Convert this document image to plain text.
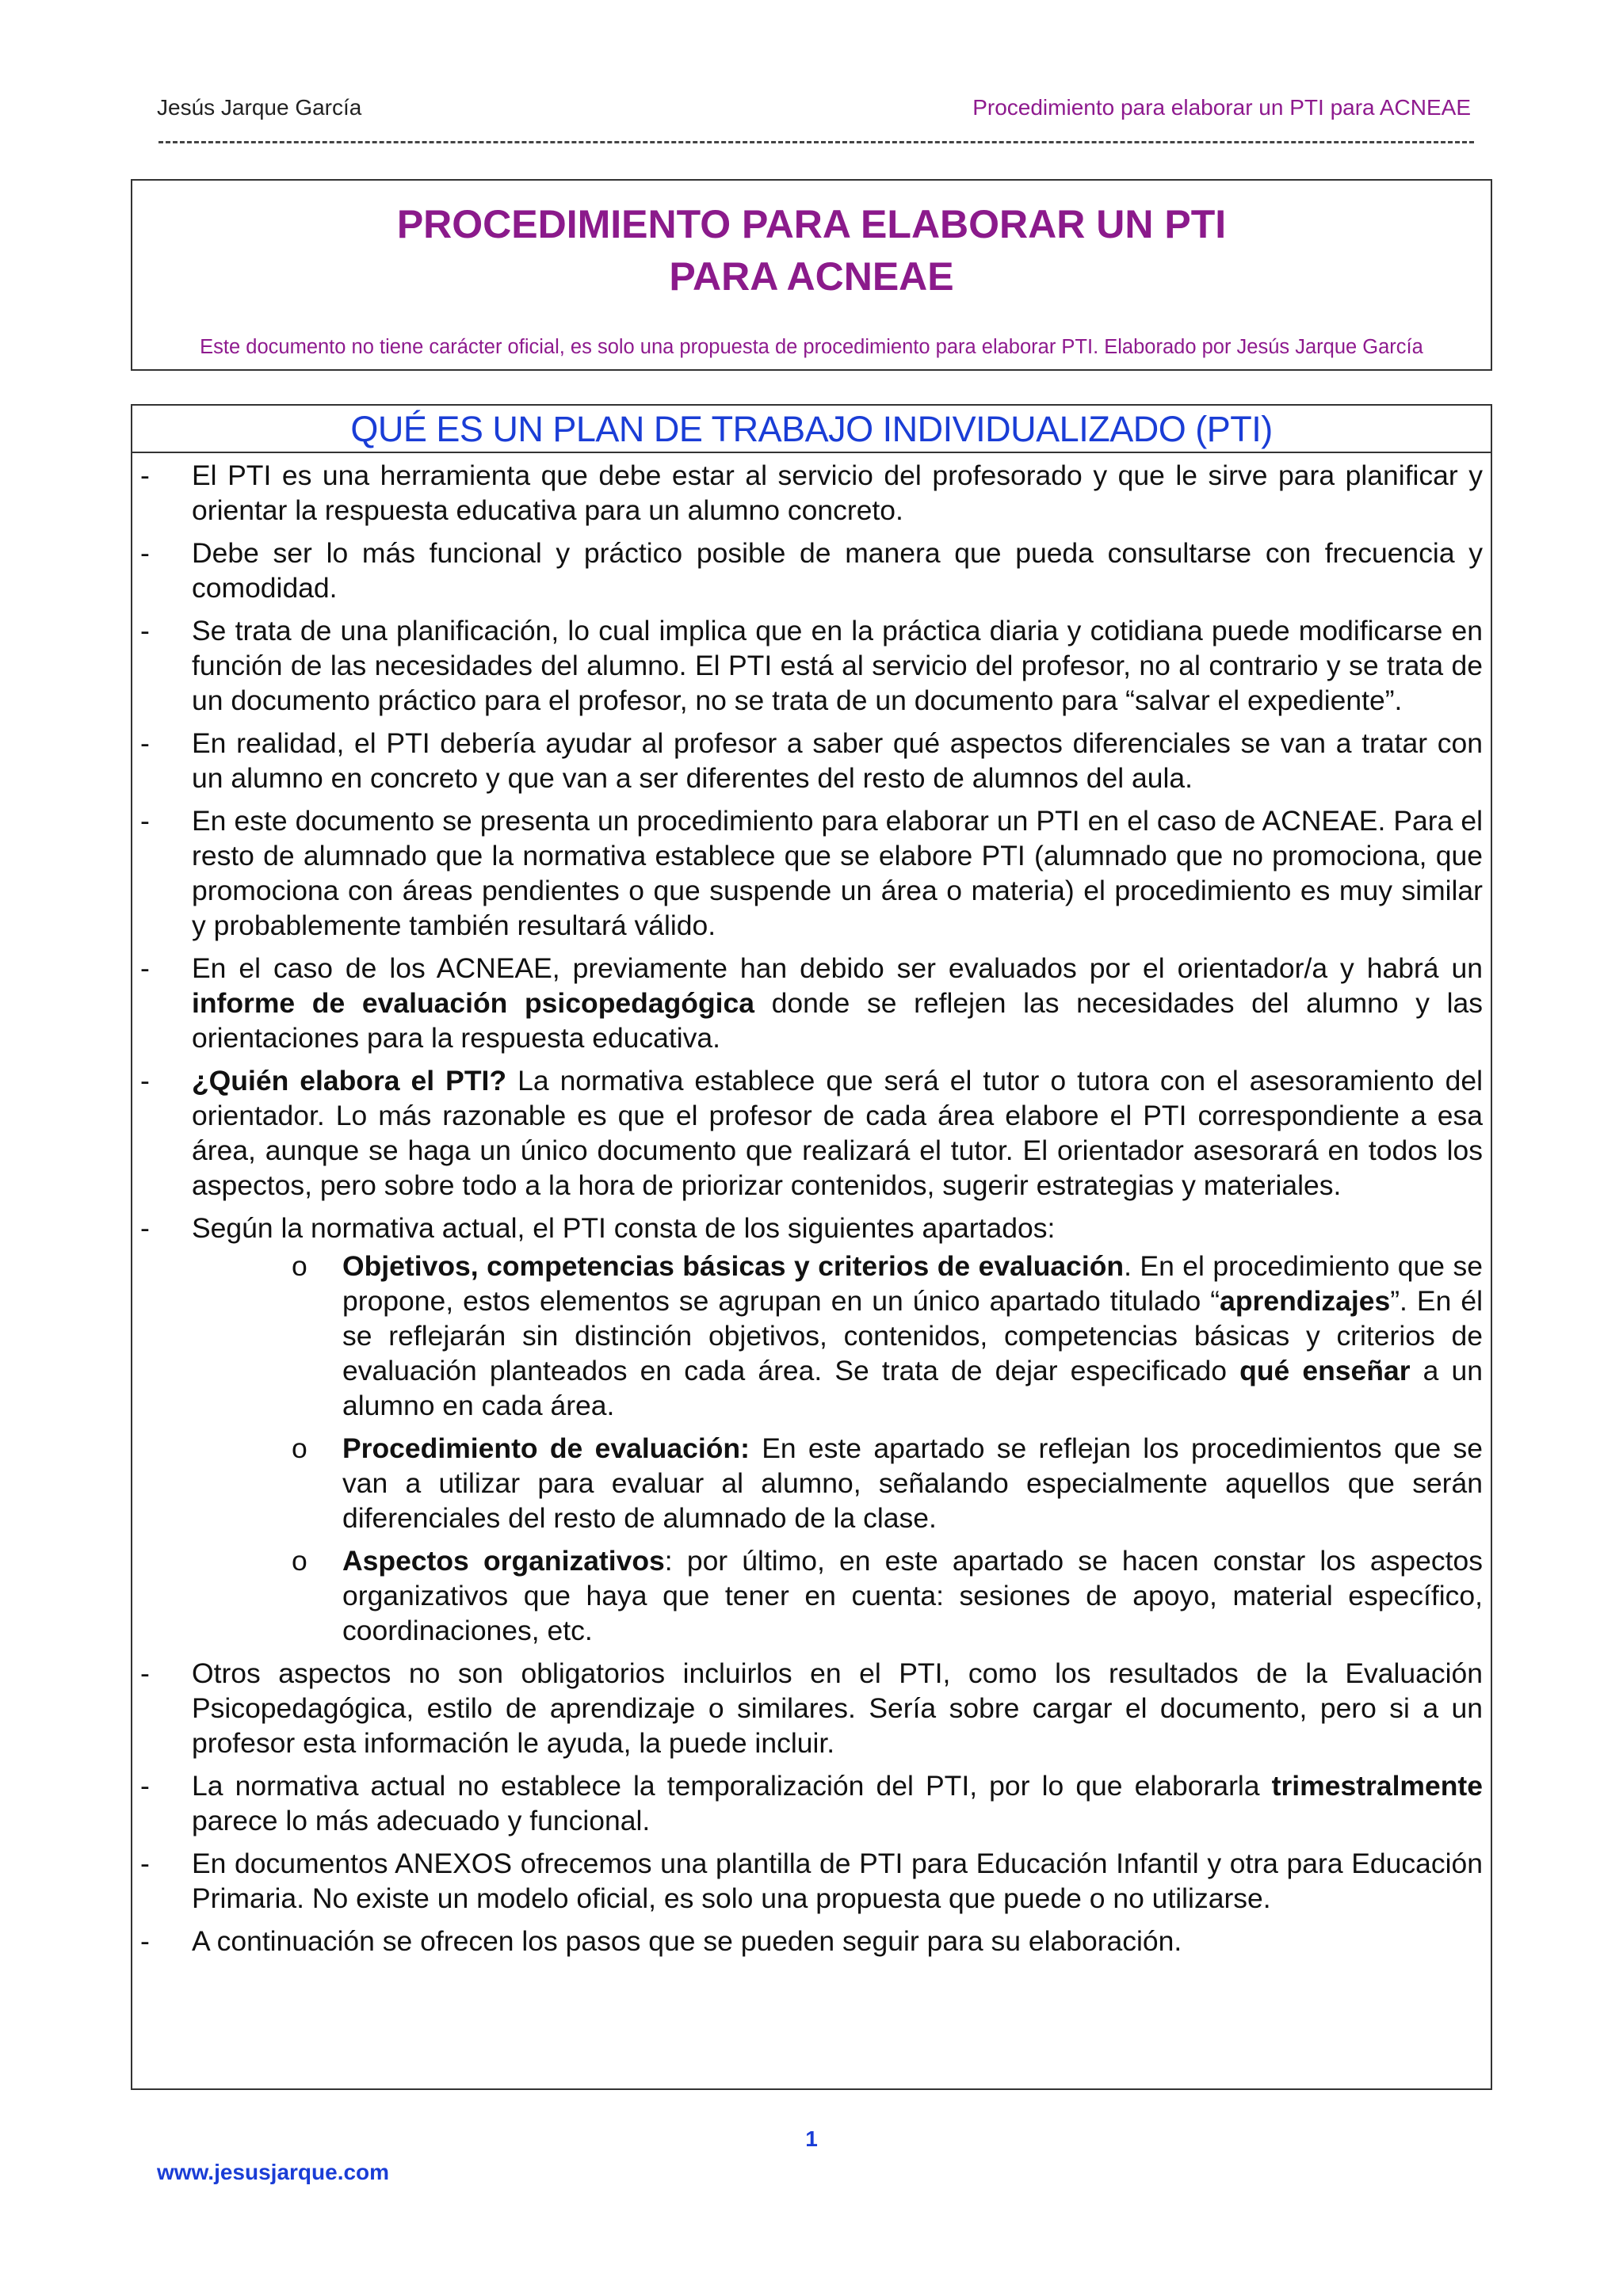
Jesús Jarque García	Procedimiento para elaborar un PTI para ACNEAE
PROCEDIMIENTO PARA ELABORAR UN PTI
PARA ACNEAE
Este documento no tiene carácter oficial, es solo una propuesta de procedimiento para elaborar PTI. Elaborado por Jesús Jarque García
QUÉ ES UN PLAN DE TRABAJO INDIVIDUALIZADO (PTI)
- El PTI es una herramienta que debe estar al servicio del profesorado y que le sirve para planificar y orientar la respuesta educativa para un alumno concreto.
- Debe ser lo más funcional y práctico posible de manera que pueda consultarse con frecuencia y comodidad.
- Se trata de una planificación, lo cual implica que en la práctica diaria y cotidiana puede modificarse en función de las necesidades del alumno. El PTI está al servicio del profesor, no al contrario y se trata de un documento práctico para el profesor, no se trata de un documento para “salvar el expediente”.
- En realidad, el PTI debería ayudar al profesor a saber qué aspectos diferenciales se van a tratar con un alumno en concreto y que van a ser diferentes del resto de alumnos del aula.
- En este documento se presenta un procedimiento para elaborar un PTI en el caso de ACNEAE. Para el resto de alumnado que la normativa establece que se elabore PTI (alumnado que no promociona, que promociona con áreas pendientes o que suspende un área o materia) el procedimiento es muy similar y probablemente también resultará válido.
- En el caso de los ACNEAE, previamente han debido ser evaluados por el orientador/a y habrá un informe de evaluación psicopedagógica donde se reflejen las necesidades del alumno y las orientaciones para la respuesta educativa.
- ¿Quién elabora el PTI? La normativa establece que será el tutor o tutora con el asesoramiento del orientador. Lo más razonable es que el profesor de cada área elabore el PTI correspondiente a esa área, aunque se haga un único documento que realizará el tutor. El orientador asesorará en todos los aspectos, pero sobre todo a la hora de priorizar contenidos, sugerir estrategias y materiales.
- Según la normativa actual, el PTI consta de los siguientes apartados:
o Objetivos, competencias básicas y criterios de evaluación. En el procedimiento que se propone, estos elementos se agrupan en un único apartado titulado “aprendizajes”. En él se reflejarán sin distinción objetivos, contenidos, competencias básicas y criterios de evaluación planteados en cada área. Se trata de dejar especificado qué enseñar a un alumno en cada área.
o Procedimiento de evaluación: En este apartado se reflejan los procedimientos que se van a utilizar para evaluar al alumno, señalando especialmente aquellos que serán diferenciales del resto de alumnado de la clase.
o Aspectos organizativos: por último, en este apartado se hacen constar los aspectos organizativos que haya que tener en cuenta: sesiones de apoyo, material específico, coordinaciones, etc.
- Otros aspectos no son obligatorios incluirlos en el PTI, como los resultados de la Evaluación Psicopedagógica, estilo de aprendizaje o similares. Sería sobre cargar el documento, pero si a un profesor esta información le ayuda, la puede incluir.
- La normativa actual no establece la temporalización del PTI, por lo que elaborarla trimestralmente parece lo más adecuado y funcional.
- En documentos ANEXOS ofrecemos una plantilla de PTI para Educación Infantil y otra para Educación Primaria. No existe un modelo oficial, es solo una propuesta que puede o no utilizarse.
- A continuación se ofrecen los pasos que se pueden seguir para su elaboración.
1
www.jesusjarque.com
